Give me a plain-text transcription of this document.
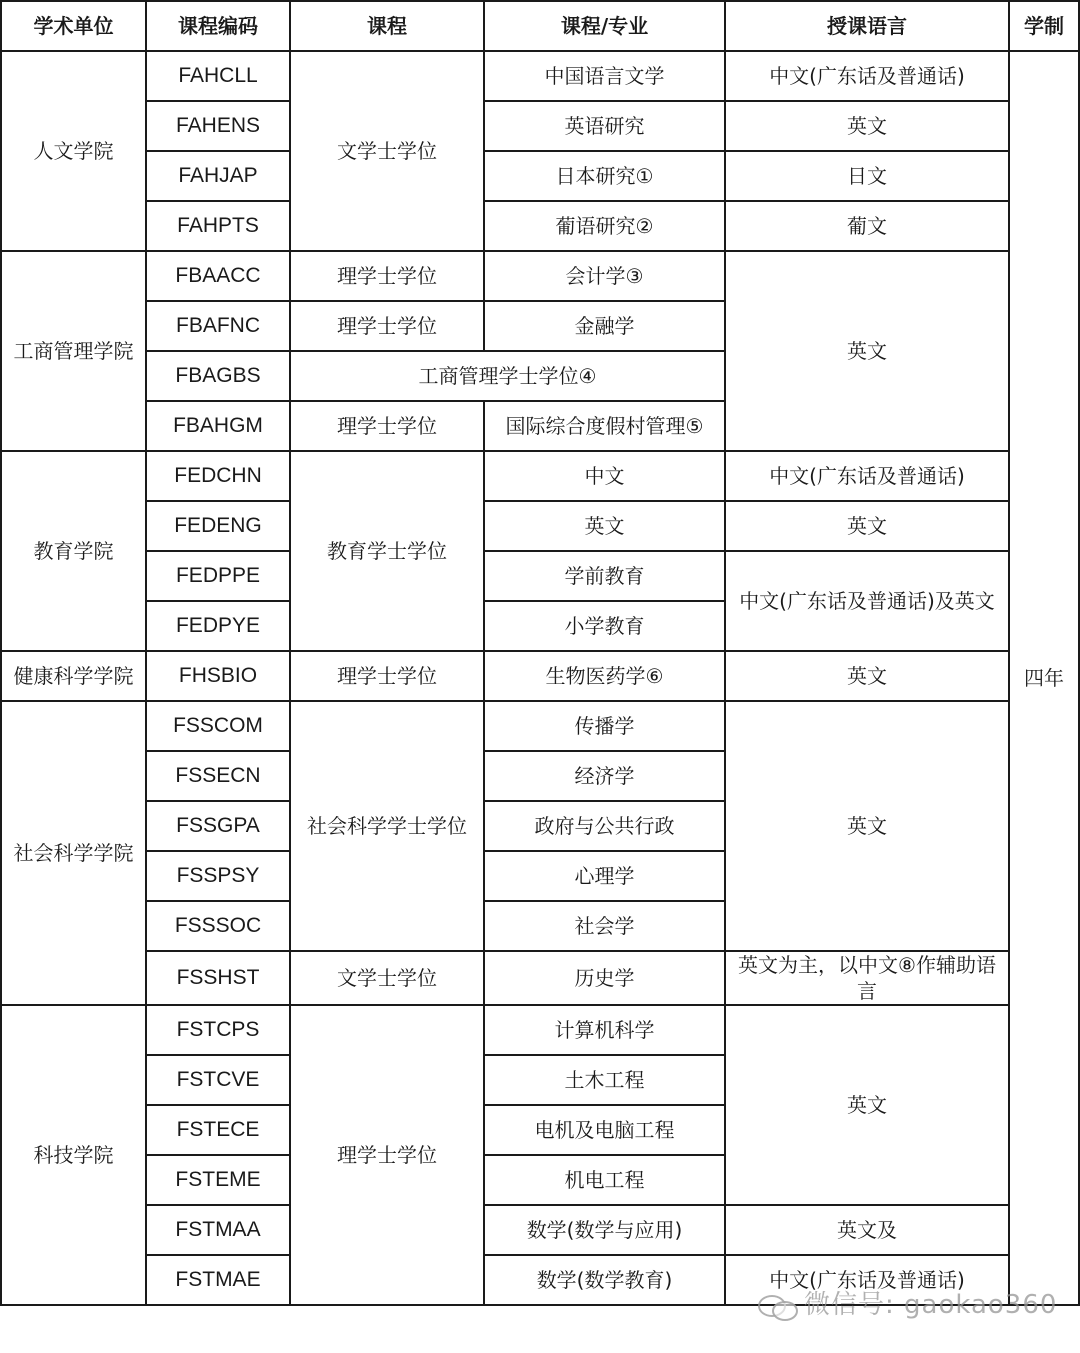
学术单位	课程编码	课程	课程/专业	授课语言	学制
人文学院	FAHCLL	文学士学位	中国语言文学	中文(广东话及普通话)	四年
	FAHENS		英语研究	英文	
	FAHJAP		日本研究①	日文	
	FAHPTS		葡语研究②	葡文	
工商管理学院	FBAACC	理学士学位	会计学③	英文	
	FBAFNC	理学士学位	金融学		
	FBAGBS	工商管理学士学位④			
	FBAHGM	理学士学位	国际综合度假村管理⑤		
教育学院	FEDCHN	教育学士学位	中文	中文(广东话及普通话)	
	FEDENG		英文	英文	
	FEDPPE		学前教育	中文(广东话及普通话)及英文	
	FEDPYE		小学教育		
健康科学学院	FHSBIO	理学士学位	生物医药学⑥	英文	
社会科学学院	FSSCOM	社会科学学士学位	传播学	英文	
	FSSECN		经济学		
	FSSGPA		政府与公共行政		
	FSSPSY		心理学		
	FSSSOC		社会学		
	FSSHST	文学士学位	历史学	英文为主，以中文⑧作辅助语言	
科技学院	FSTCPS	理学士学位	计算机科学	英文	
	FSTCVE		土木工程		
	FSTECE		电机及电脑工程		
	FSTEME		机电工程		
	FSTMAA		数学(数学与应用)	英文及	
	FSTMAE		数学(数学教育)	中文(广东话及普通话)	
微信号: gaokao360
